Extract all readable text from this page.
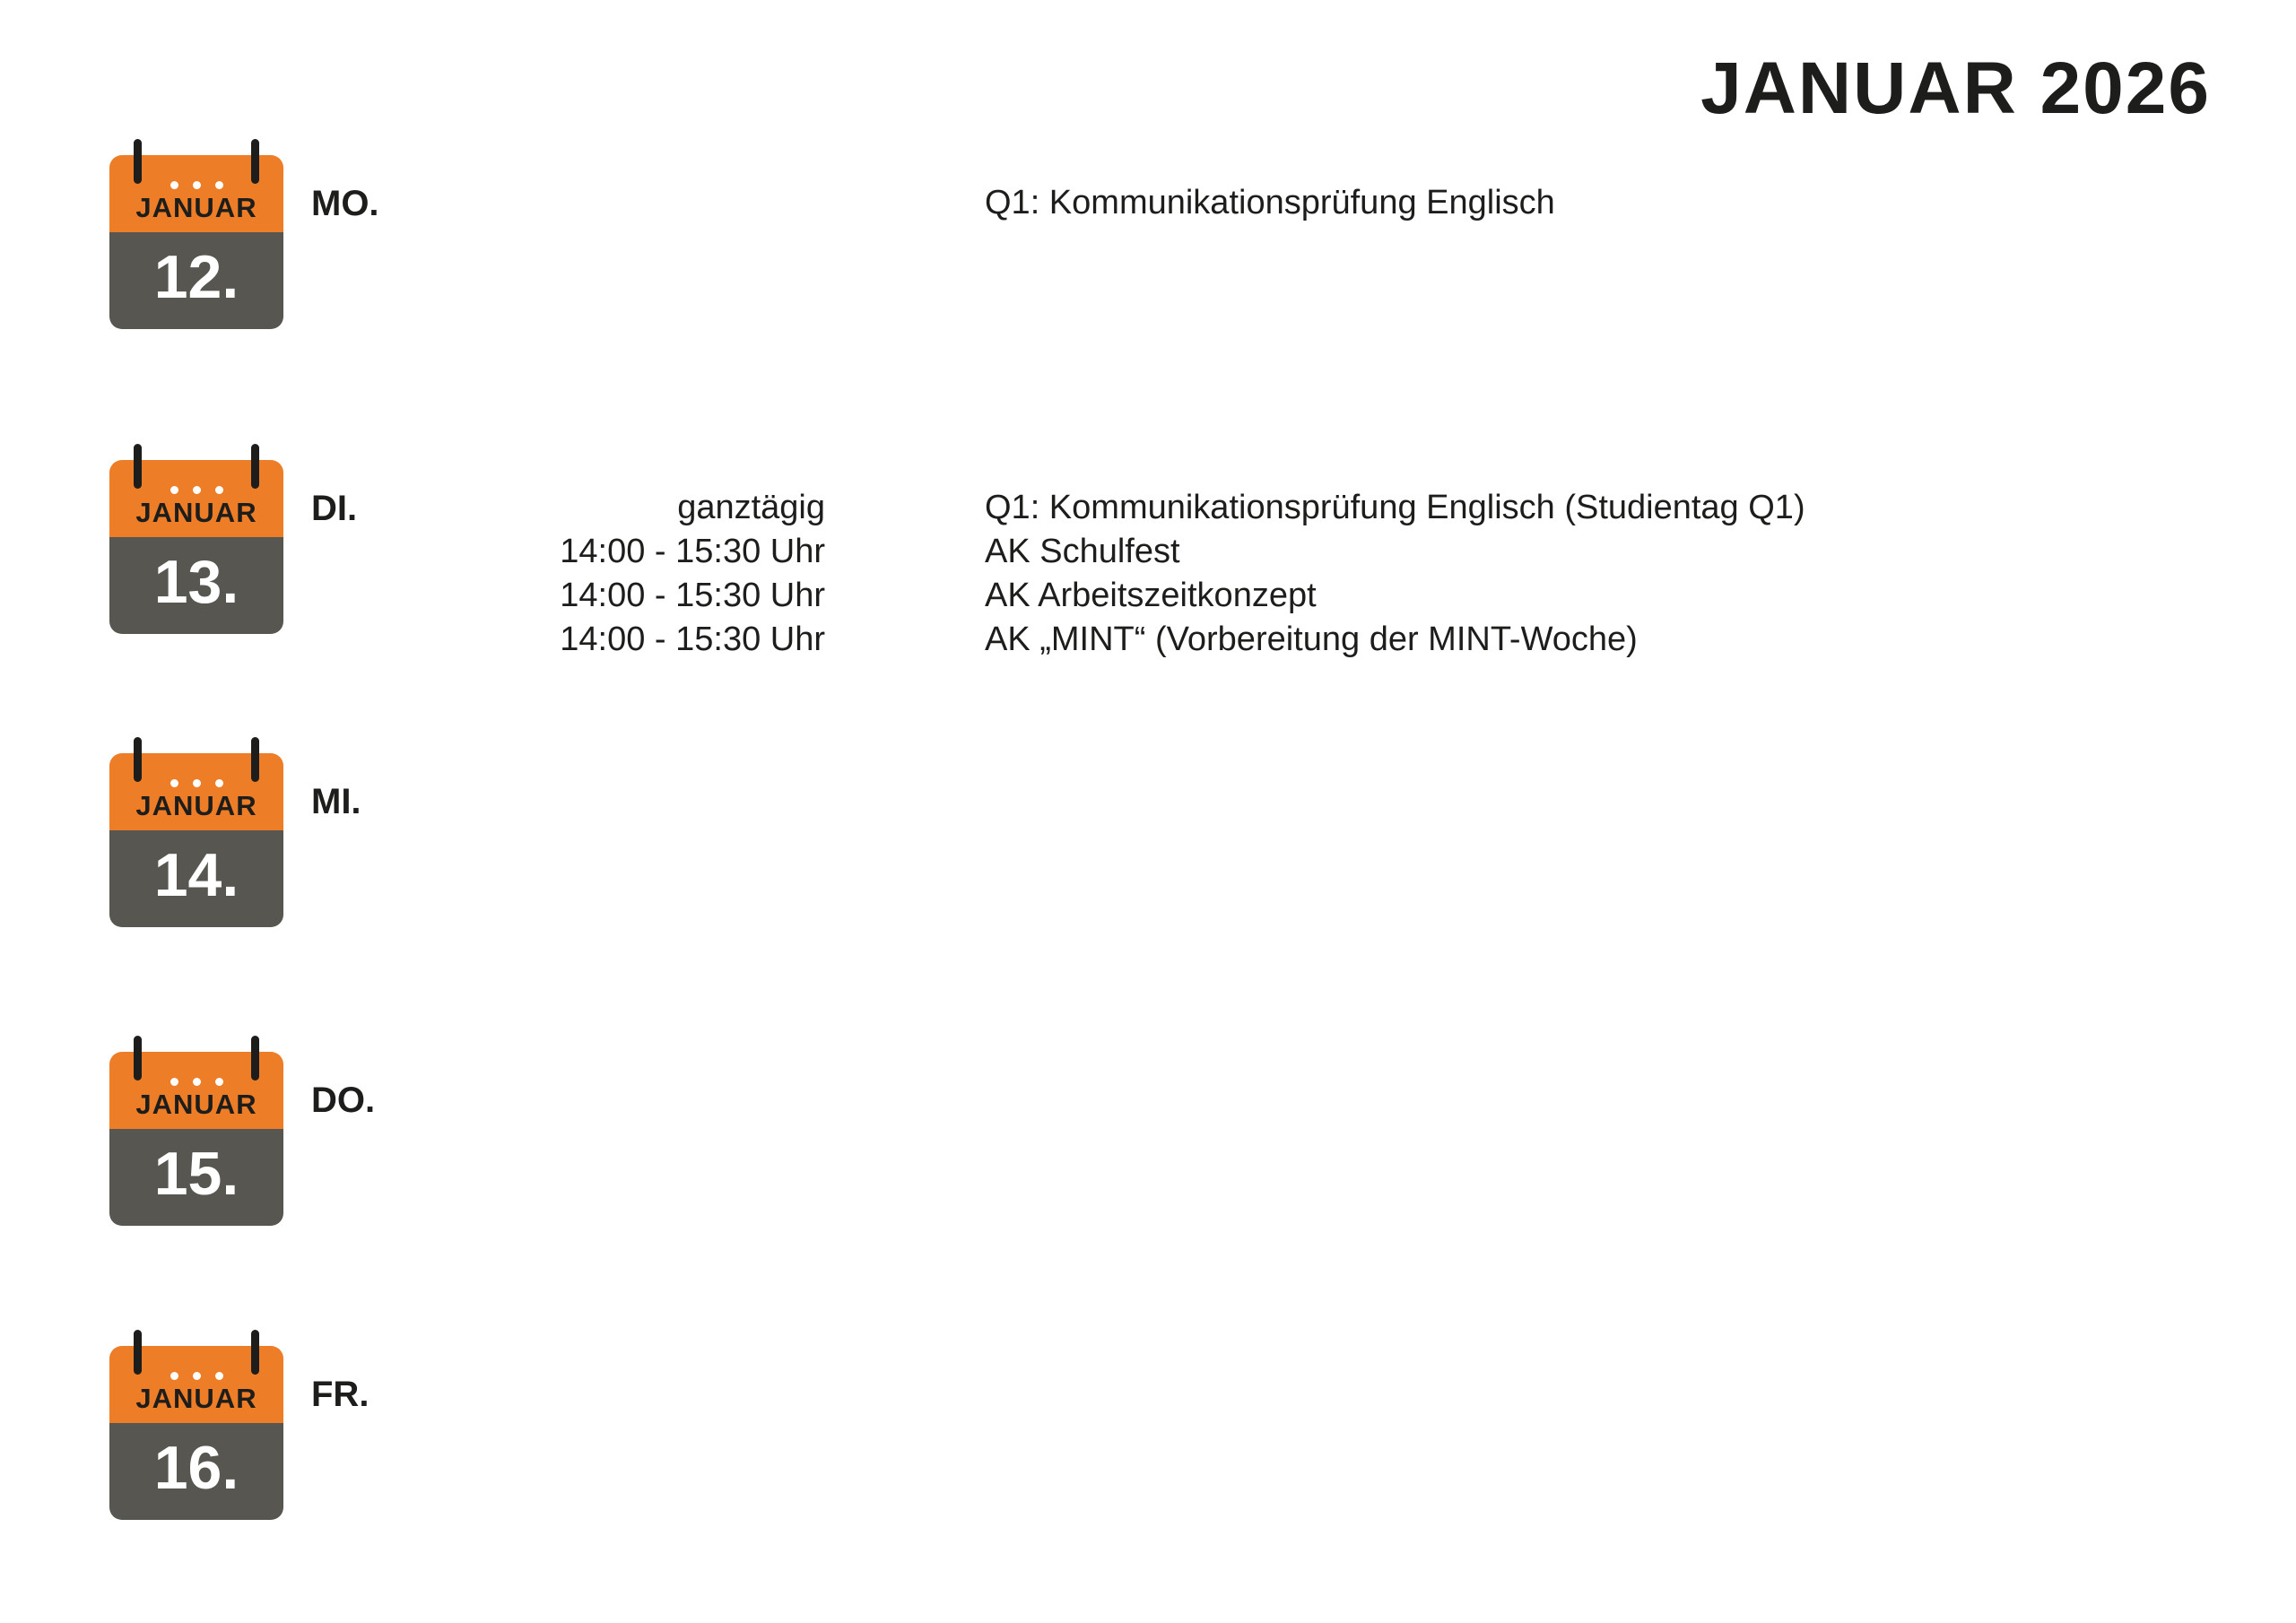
JANUAR 2026
JANUAR
12.
MO.	Q1: Kommunikationsprüfung Englisch
JANUAR
13.
DI.	ganztägig	Q1: Kommunikationsprüfung Englisch (Studientag Q1)
14:00 - 15:30 Uhr	AK Schulfest
14:00 - 15:30 Uhr	AK Arbeitszeitkonzept
14:00 - 15:30 Uhr	AK „MINT“ (Vorbereitung der MINT-Woche)
JANUAR
14.
MI.
JANUAR
15.
DO.
JANUAR
16.
FR.
